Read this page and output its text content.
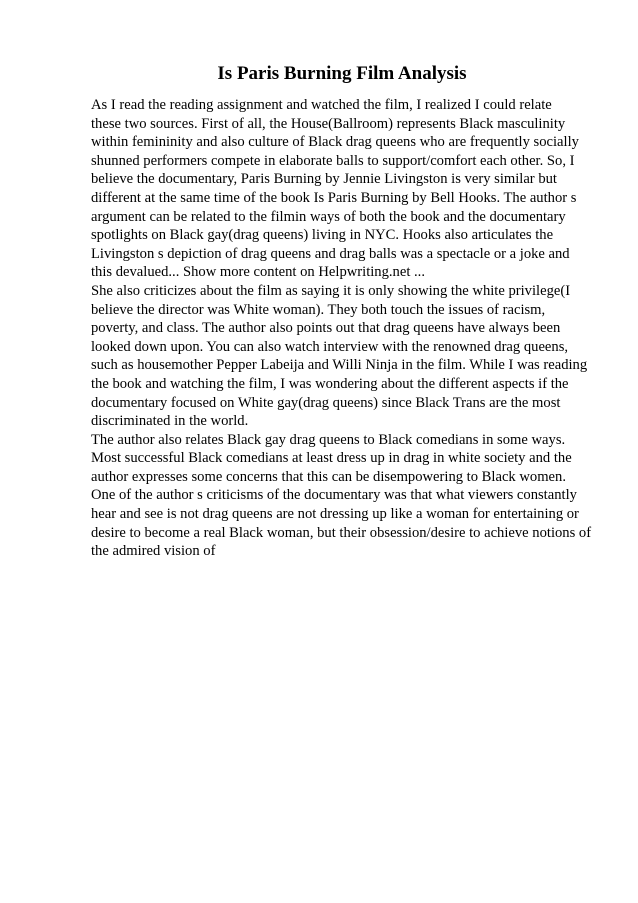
Is Paris Burning Film Analysis
As I read the reading assignment and watched the film, I realized I could relate
these two sources. First of all, the House(Ballroom) represents Black masculinity
within femininity and also culture of Black drag queens who are frequently socially
shunned performers compete in elaborate balls to support/comfort each other. So, I
believe the documentary, Paris Burning by Jennie Livingston is very similar but
different at the same time of the book Is Paris Burning by Bell Hooks. The author s
argument can be related to the filmin ways of both the book and the documentary
spotlights on Black gay(drag queens) living in NYC. Hooks also articulates the
Livingston s depiction of drag queens and drag balls was a spectacle or a joke and
this devalued... Show more content on Helpwriting.net ...
She also criticizes about the film as saying it is only showing the white privilege(I
believe the director was White woman). They both touch the issues of racism,
poverty, and class. The author also points out that drag queens have always been
looked down upon. You can also watch interview with the renowned drag queens,
such as housemother Pepper Labeija and Willi Ninja in the film. While I was reading
the book and watching the film, I was wondering about the different aspects if the
documentary focused on White gay(drag queens) since Black Trans are the most
discriminated in the world.
The author also relates Black gay drag queens to Black comedians in some ways.
Most successful Black comedians at least dress up in drag in white society and the
author expresses some concerns that this can be disempowering to Black women.
One of the author s criticisms of the documentary was that what viewers constantly
hear and see is not drag queens are not dressing up like a woman for entertaining or
desire to become a real Black woman, but their obsession/desire to achieve notions of
the admired vision of
